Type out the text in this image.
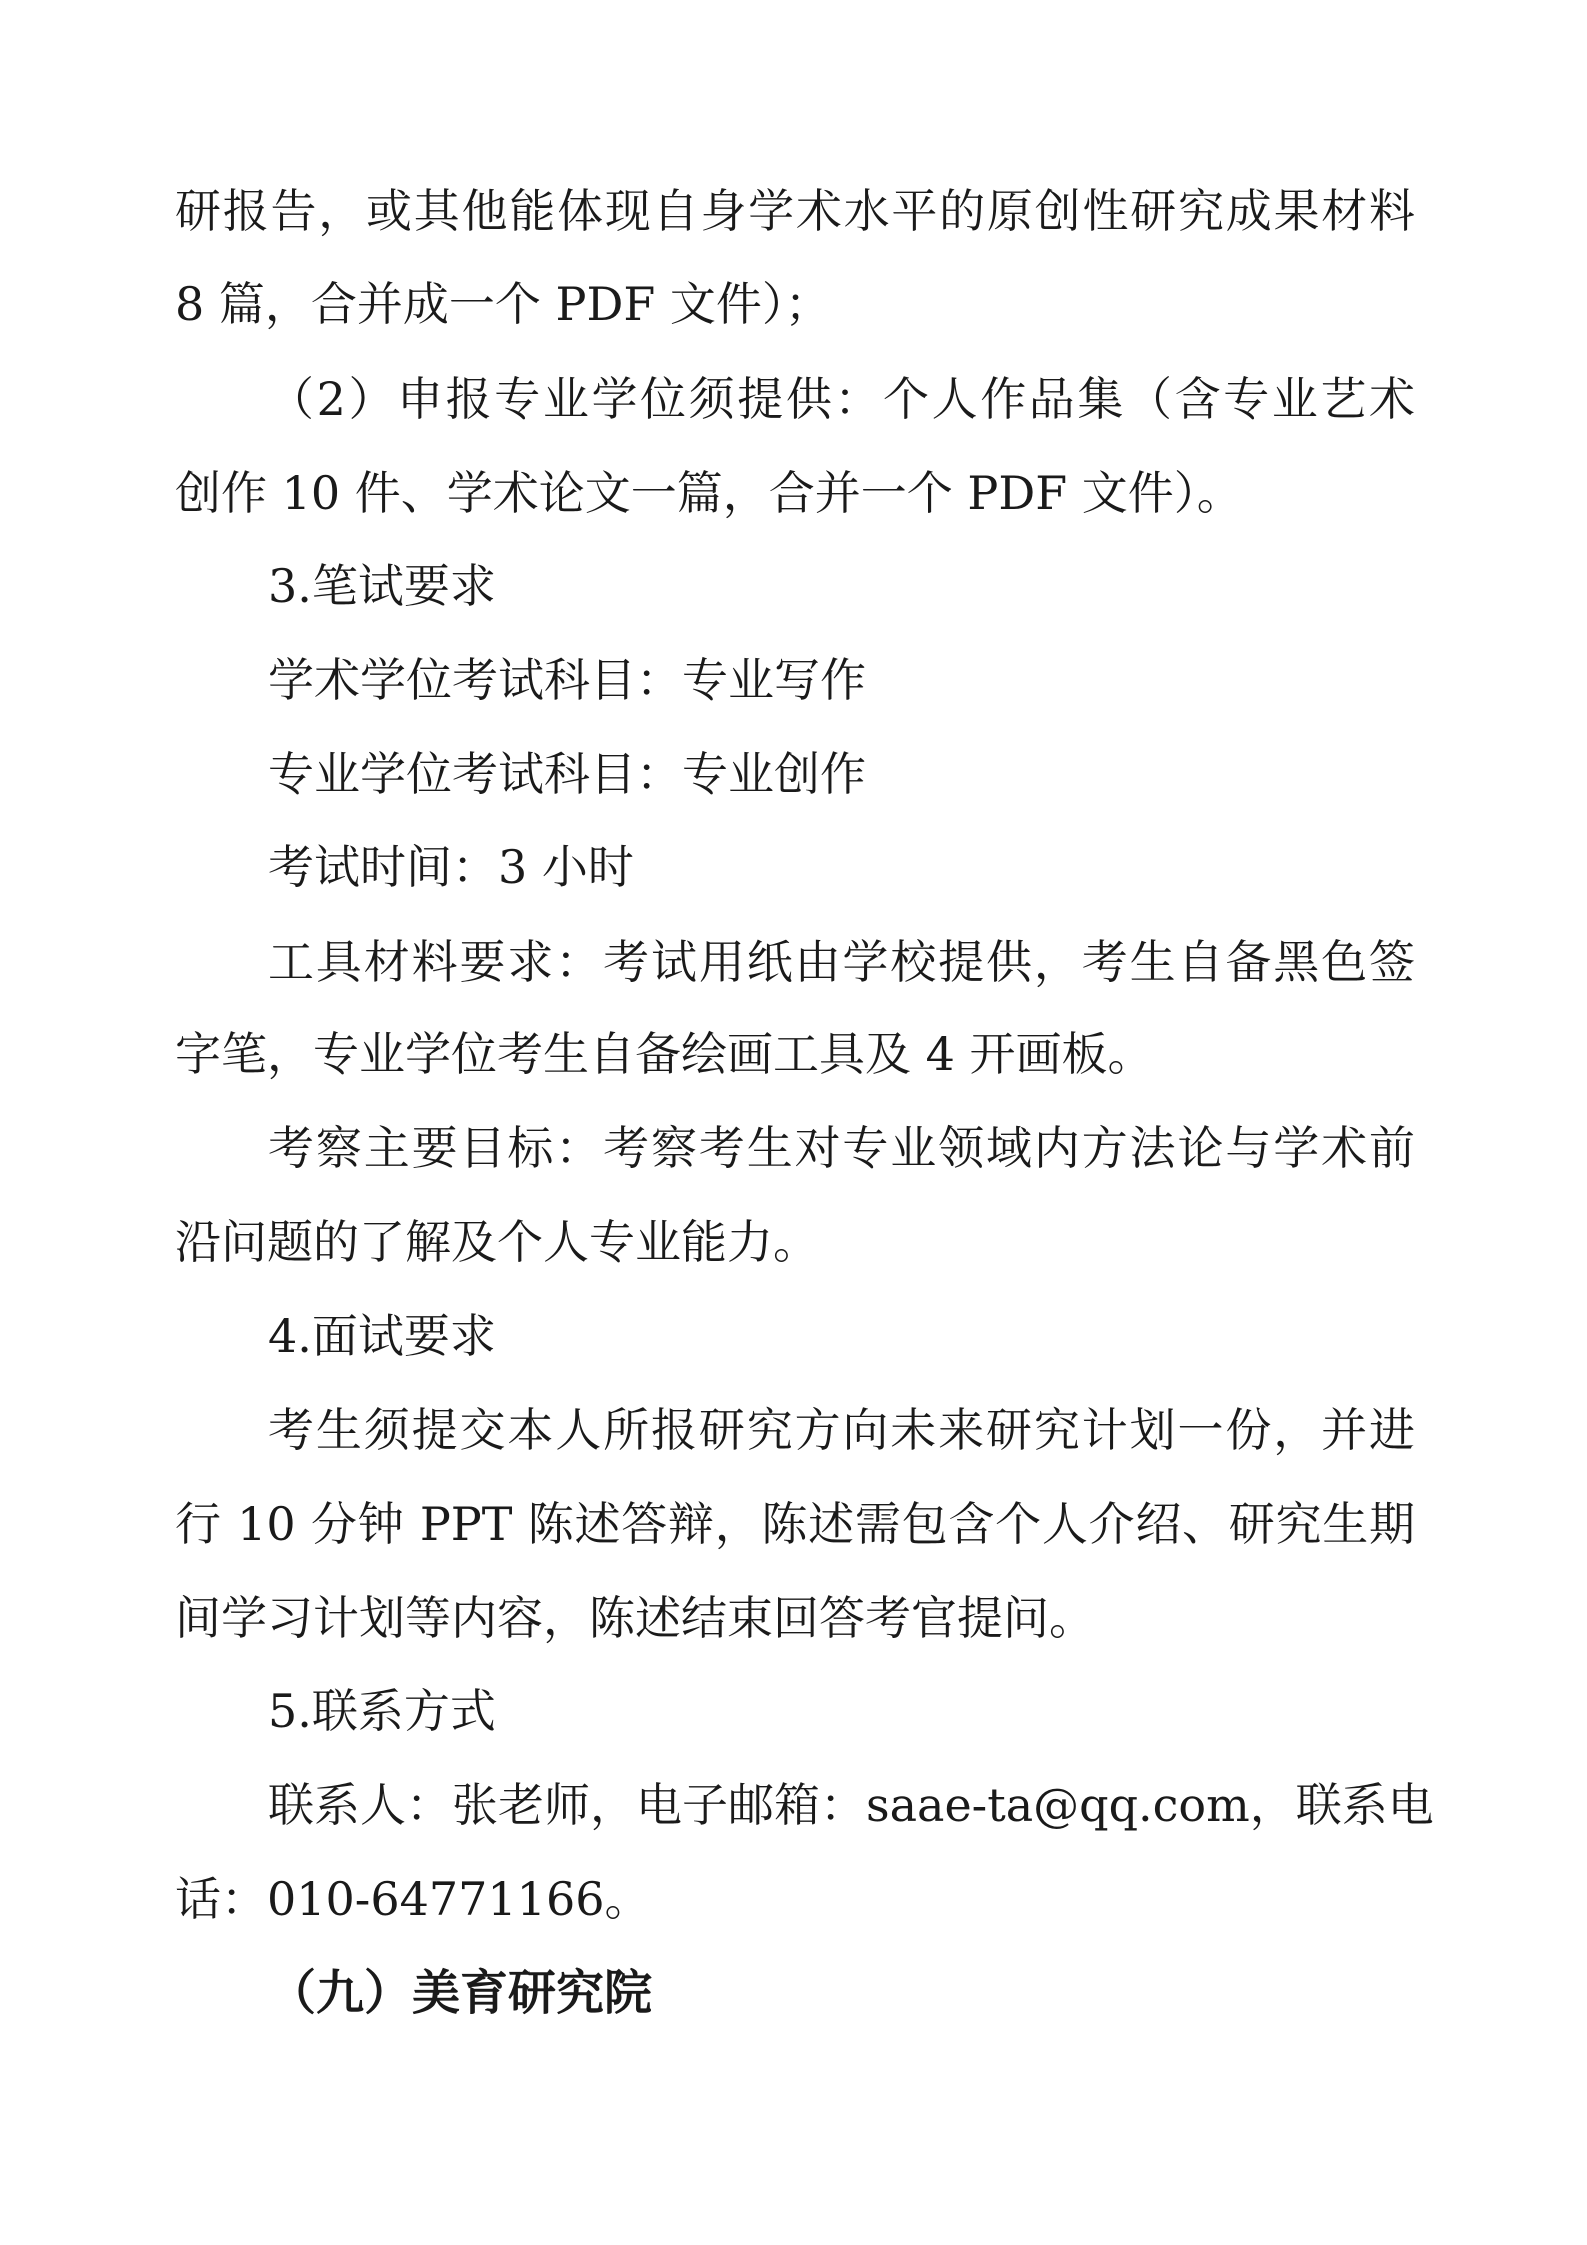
研报告，或其他能体现自身学术水平的原创性研究成果材料
8 篇，合并成一个 PDF 文件）；
（2）申报专业学位须提供：个人作品集（含专业艺术
创作 10 件、学术论文一篇，合并一个 PDF 文件）。
3.笔试要求
学术学位考试科目：专业写作
专业学位考试科目：专业创作
考试时间：3 小时
工具材料要求：考试用纸由学校提供，考生自备黑色签
字笔，专业学位考生自备绘画工具及 4 开画板。
考察主要目标：考察考生对专业领域内方法论与学术前
沿问题的了解及个人专业能力。
4.面试要求
考生须提交本人所报研究方向未来研究计划一份，并进
行 10 分钟 PPT 陈述答辩，陈述需包含个人介绍、研究生期
间学习计划等内容，陈述结束回答考官提问。
5.联系方式
联系人：张老师，电子邮箱：saae-ta@qq.com，联系电
话：010-64771166。
（九）美育研究院
